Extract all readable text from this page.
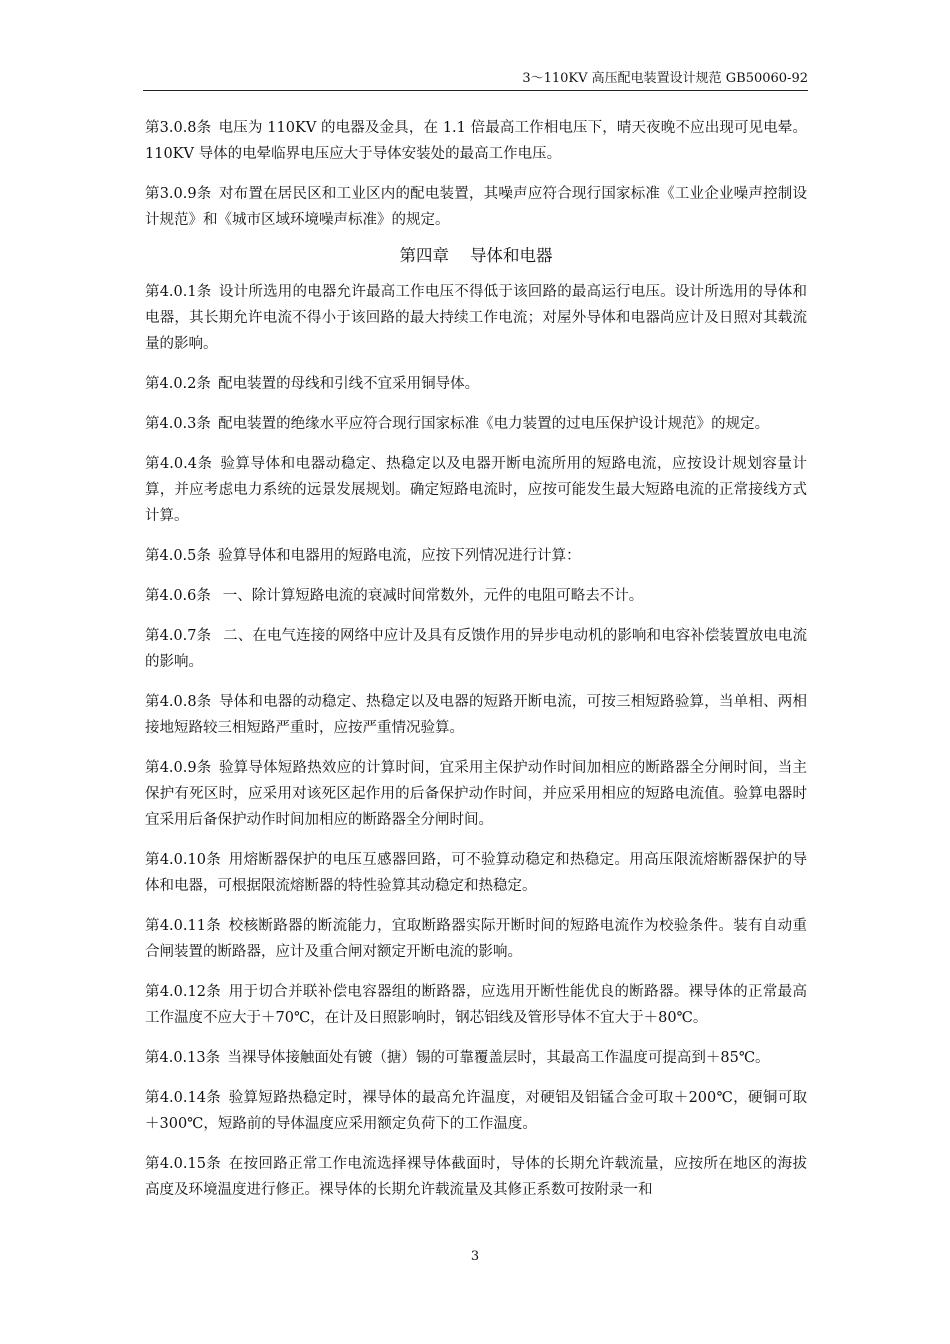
3～110KV 高压配电装置设计规范 GB50060-92

第3.0.8条  电压为 110KV 的电器及金具，在 1.1 倍最高工作相电压下，晴天夜晚不应出现可见电晕。110KV 导体的电晕临界电压应大于导体安装处的最高工作电压。

第3.0.9条  对布置在居民区和工业区内的配电装置，其噪声应符合现行国家标准《工业企业噪声控制设计规范》和《城市区域环境噪声标准》的规定。

第四章    导体和电器

第4.0.1条  设计所选用的电器允许最高工作电压不得低于该回路的最高运行电压。设计所选用的导体和电器，其长期允许电流不得小于该回路的最大持续工作电流；对屋外导体和电器尚应计及日照对其载流量的影响。

第4.0.2条  配电装置的母线和引线不宜采用铜导体。

第4.0.3条  配电装置的绝缘水平应符合现行国家标准《电力装置的过电压保护设计规范》的规定。

第4.0.4条  验算导体和电器动稳定、热稳定以及电器开断电流所用的短路电流，应按设计规划容量计算，并应考虑电力系统的远景发展规划。确定短路电流时，应按可能发生最大短路电流的正常接线方式计算。

第4.0.5条  验算导体和电器用的短路电流，应按下列情况进行计算：

第4.0.6条  一、除计算短路电流的衰减时间常数外，元件的电阻可略去不计。

第4.0.7条  二、在电气连接的网络中应计及具有反馈作用的异步电动机的影响和电容补偿装置放电电流的影响。

第4.0.8条  导体和电器的动稳定、热稳定以及电器的短路开断电流，可按三相短路验算，当单相、两相接地短路较三相短路严重时，应按严重情况验算。

第4.0.9条  验算导体短路热效应的计算时间，宜采用主保护动作时间加相应的断路器全分闸时间，当主保护有死区时，应采用对该死区起作用的后备保护动作时间，并应采用相应的短路电流值。验算电器时宜采用后备保护动作时间加相应的断路器全分闸时间。

第4.0.10条  用熔断器保护的电压互感器回路，可不验算动稳定和热稳定。用高压限流熔断器保护的导体和电器，可根据限流熔断器的特性验算其动稳定和热稳定。

第4.0.11条  校核断路器的断流能力，宜取断路器实际开断时间的短路电流作为校验条件。装有自动重合闸装置的断路器，应计及重合闸对额定开断电流的影响。

第4.0.12条  用于切合并联补偿电容器组的断路器，应选用开断性能优良的断路器。裸导体的正常最高工作温度不应大于＋70℃，在计及日照影响时，钢芯铝线及管形导体不宜大于＋80℃。

第4.0.13条  当裸导体接触面处有镀（搪）锡的可靠覆盖层时，其最高工作温度可提高到＋85℃。

第4.0.14条  验算短路热稳定时，裸导体的最高允许温度，对硬铝及铝锰合金可取＋200℃，硬铜可取＋300℃，短路前的导体温度应采用额定负荷下的工作温度。

第4.0.15条  在按回路正常工作电流选择裸导体截面时，导体的长期允许载流量，应按所在地区的海拔高度及环境温度进行修正。裸导体的长期允许载流量及其修正系数可按附录一和

3
